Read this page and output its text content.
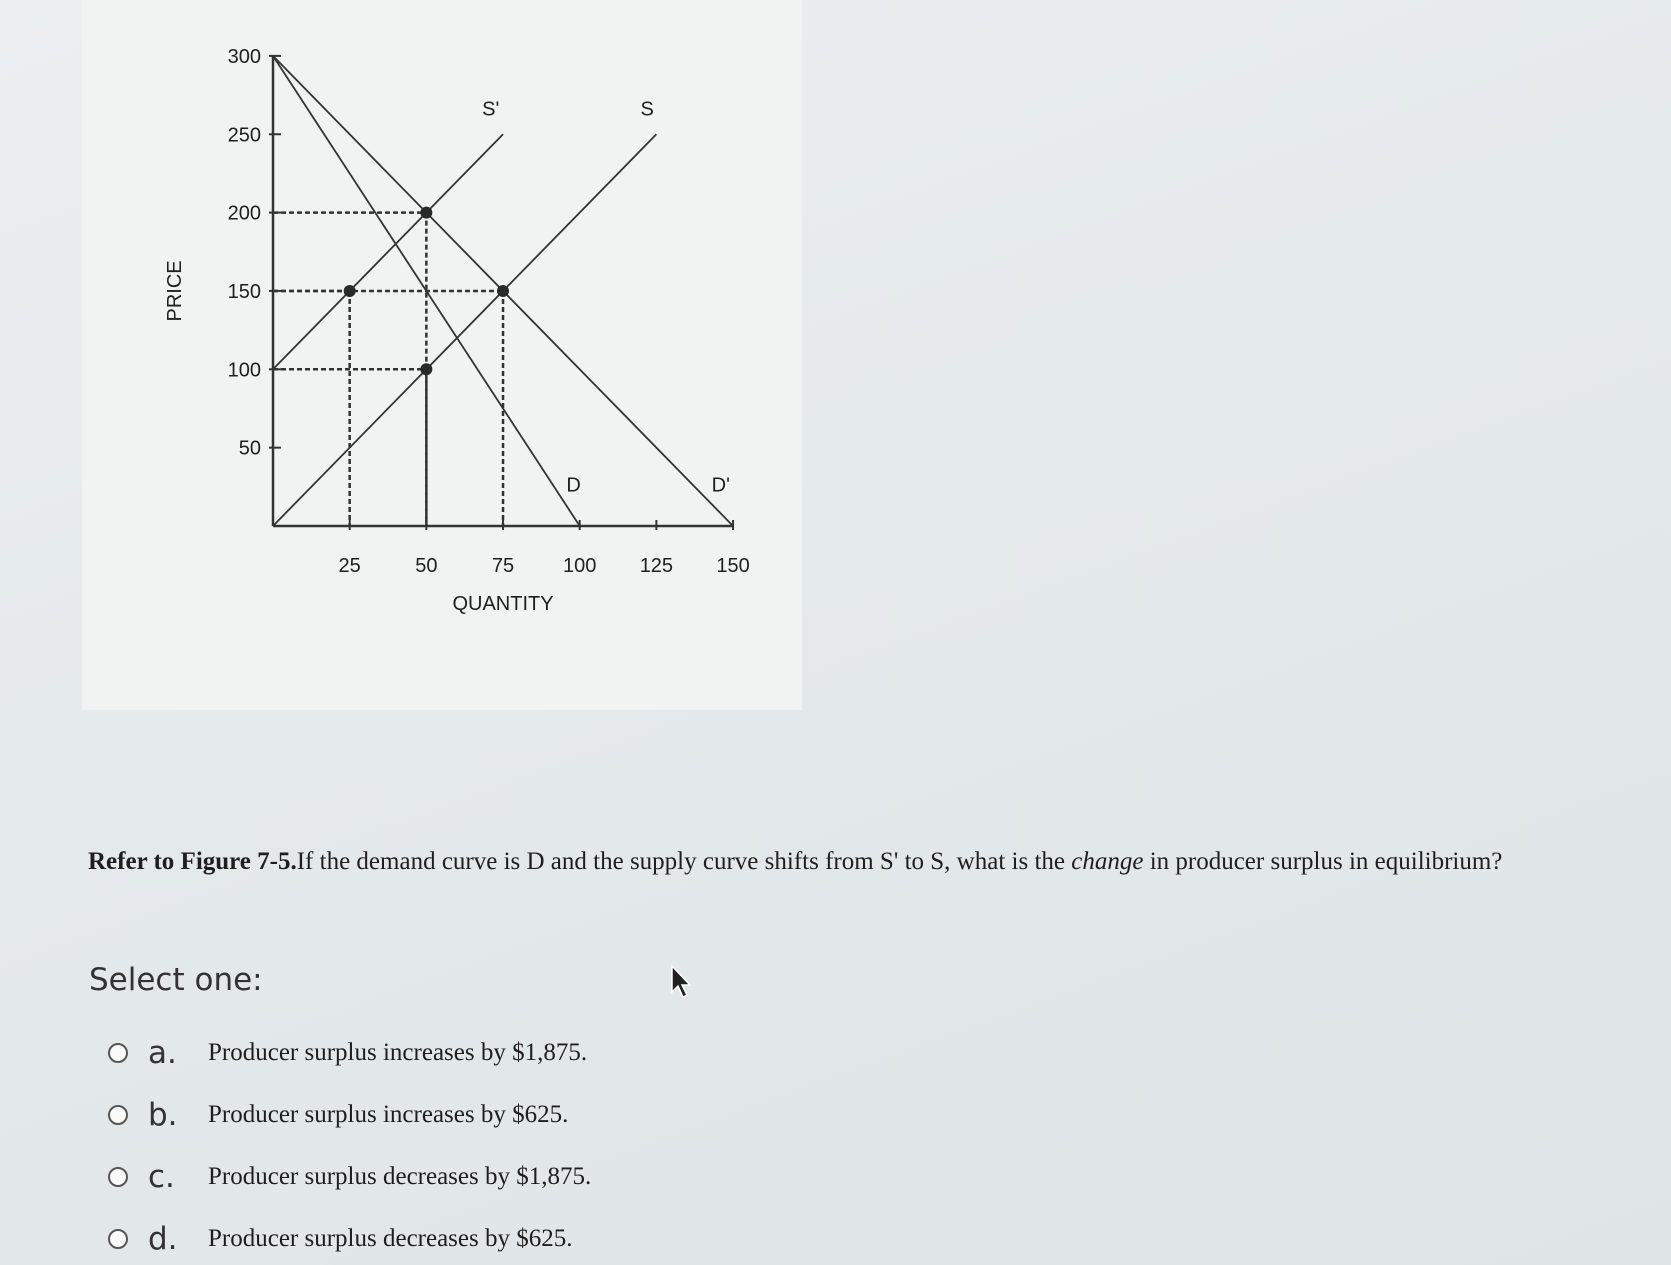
50
100
150
200
250
300
25	50	75 100 125 150
QUANTITY
PRICE
D	D'
S'	S
Refer to Figure 7-5.If the demand curve is D and the supply curve shifts from S' to S, what is the change in producer surplus in equilibrium?
Select one:
a.	Producer surplus increases by $1,875.
b.	Producer surplus increases by $625.
c.	Producer surplus decreases by $1,875.
d.	Producer surplus decreases by $625.
